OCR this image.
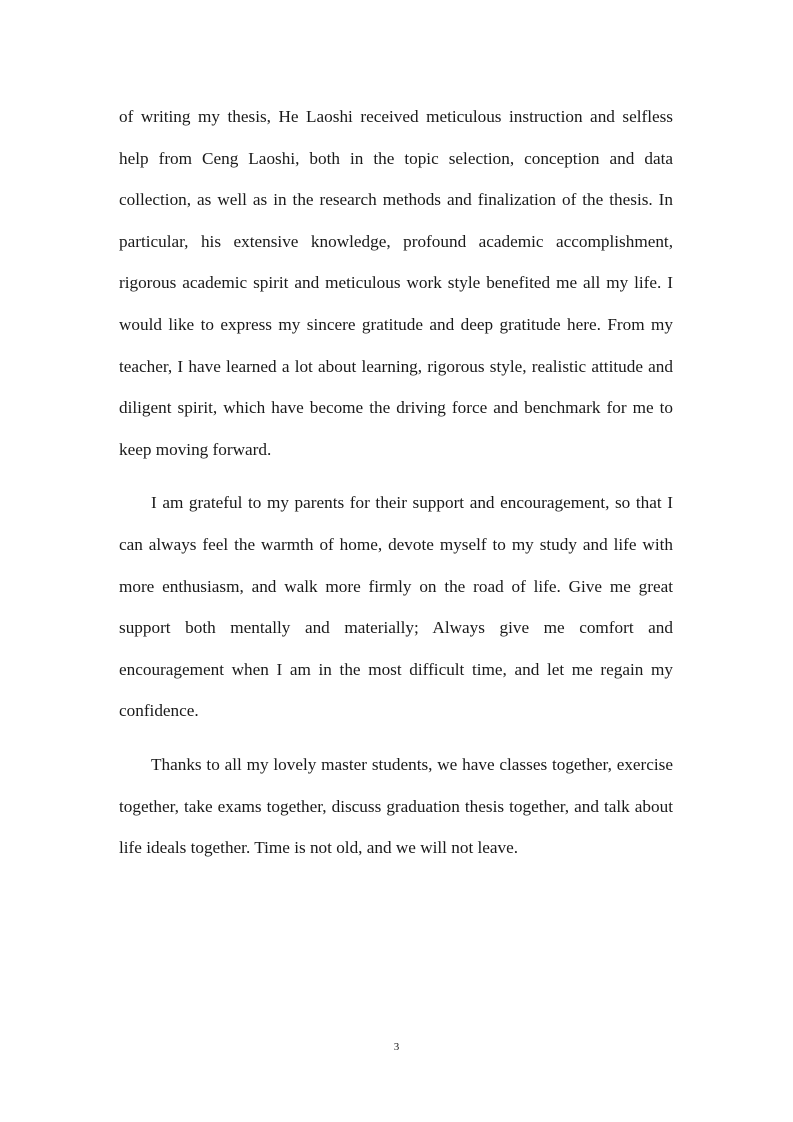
of writing my thesis, He Laoshi received meticulous instruction and selfless help from Ceng Laoshi, both in the topic selection, conception and data collection, as well as in the research methods and finalization of the thesis. In particular, his extensive knowledge, profound academic accomplishment, rigorous academic spirit and meticulous work style benefited me all my life. I would like to express my sincere gratitude and deep gratitude here. From my teacher, I have learned a lot about learning, rigorous style, realistic attitude and diligent spirit, which have become the driving force and benchmark for me to keep moving forward.

I am grateful to my parents for their support and encouragement, so that I can always feel the warmth of home, devote myself to my study and life with more enthusiasm, and walk more firmly on the road of life. Give me great support both mentally and materially; Always give me comfort and encouragement when I am in the most difficult time, and let me regain my confidence.

Thanks to all my lovely master students, we have classes together, exercise together, take exams together, discuss graduation thesis together, and talk about life ideals together. Time is not old, and we will not leave.

3
